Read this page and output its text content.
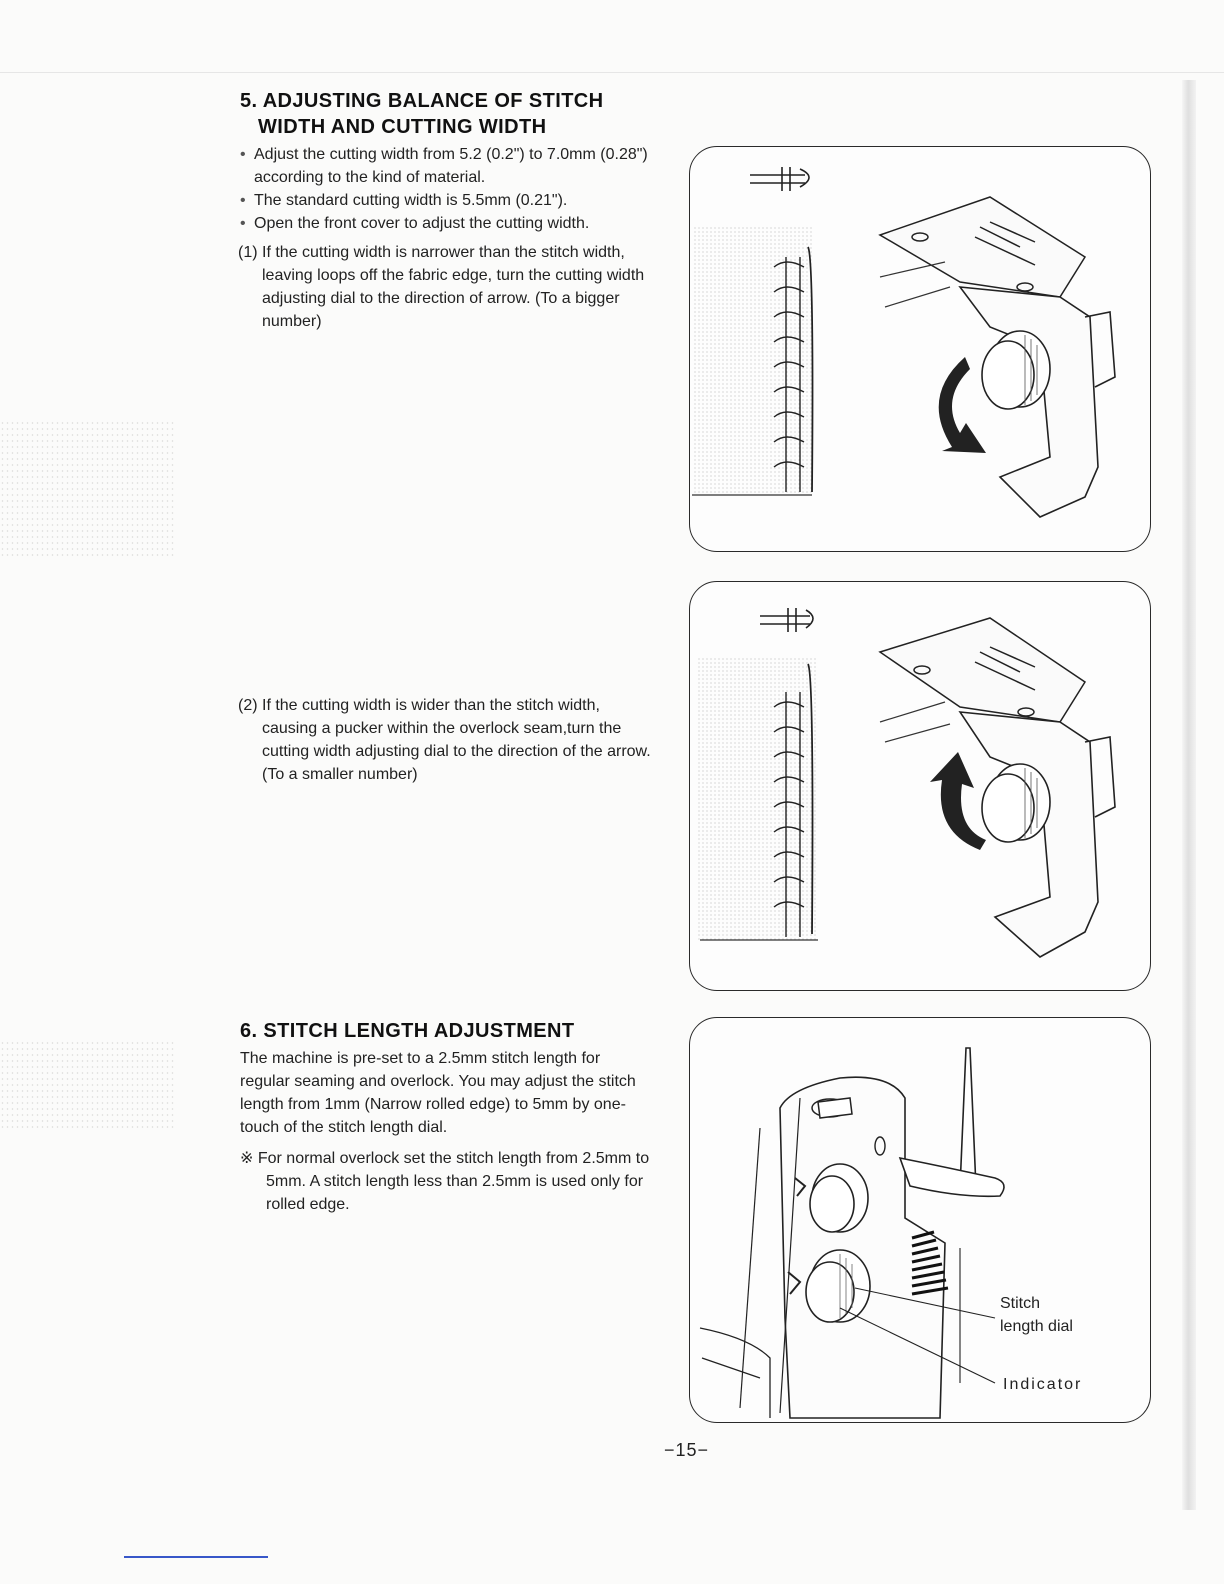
5. ADJUSTING BALANCE OF STITCH
WIDTH AND CUTTING WIDTH
• Adjust the cutting width from 5.2 (0.2") to 7.0mm (0.28") according to the kind of material.
• The standard cutting width is 5.5mm (0.21").
• Open the front cover to adjust the cutting width.

(1) If the cutting width is narrower than the stitch width, leaving loops off the fabric edge, turn the cutting width adjusting dial to the direction of arrow. (To a bigger number)

(2) If the cutting width is wider than the stitch width, causing a pucker within the overlock seam,turn the cutting width adjusting dial to the direction of the arrow. (To a smaller number)

6. STITCH LENGTH ADJUSTMENT

The machine is pre-set to a 2.5mm stitch length for regular seaming and overlock. You may adjust the stitch length from 1mm (Narrow rolled edge) to 5mm by one-touch of the stitch length dial.

※ For normal overlock set the stitch length from 2.5mm to 5mm. A stitch length less than 2.5mm is used only for rolled edge.

Stitch
length dial
Indicator
−15−
